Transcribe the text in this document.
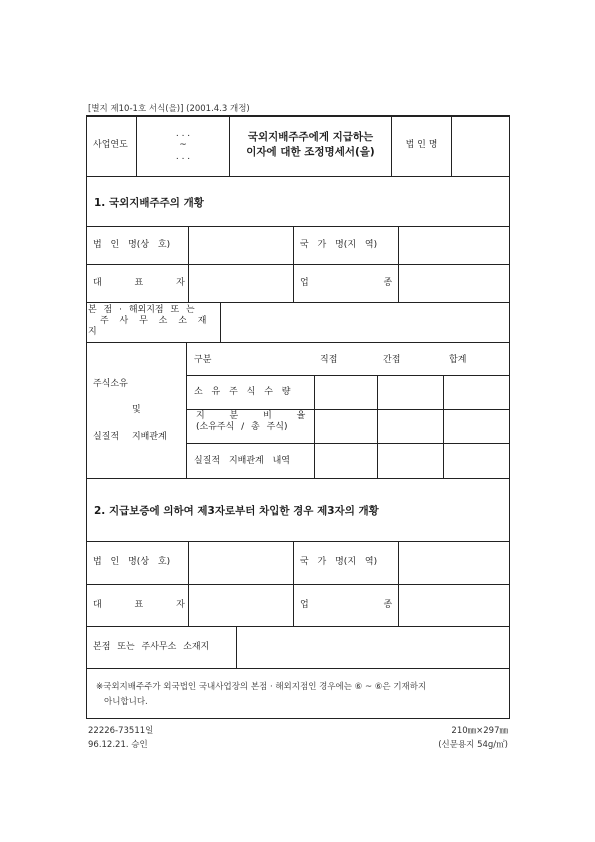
[별지 제10-1호 서식(을)] (2001.4.3 개정)
사업연도
. . .
~
. . .
국외지배주주에게 지급하는
이자에 대한 조정명세서(을)
법 인 명
1. 국외지배주주의 개황
법 인 명(상 호)	국 가 명(지 역)
대 표 자	업 종
본 점 · 해외지점 또 는
주 사 무 소 소 재
지
주식소유
및
실질적 지배관계
구분	직접	간접	합계
소 유 주 식 수 량
지 분 비 율
(소유주식 / 총 주식)
실질적 지배관계 내역
2. 지급보증에 의하여 제3자로부터 차입한 경우 제3자의 개황
법 인 명(상 호)	국 가 명(지 역)
대 표 자	업 종
본점 또는 주사무소 소재지
※국외지배주주가 외국법인 국내사업장의 본점 · 해외지점인 경우에는 ⑥ ~ ⑥은 기재하지
아니합니다.
22226-73511일
96.12.21. 승인
210㎜×297㎜
(신문용지 54g/㎡)
